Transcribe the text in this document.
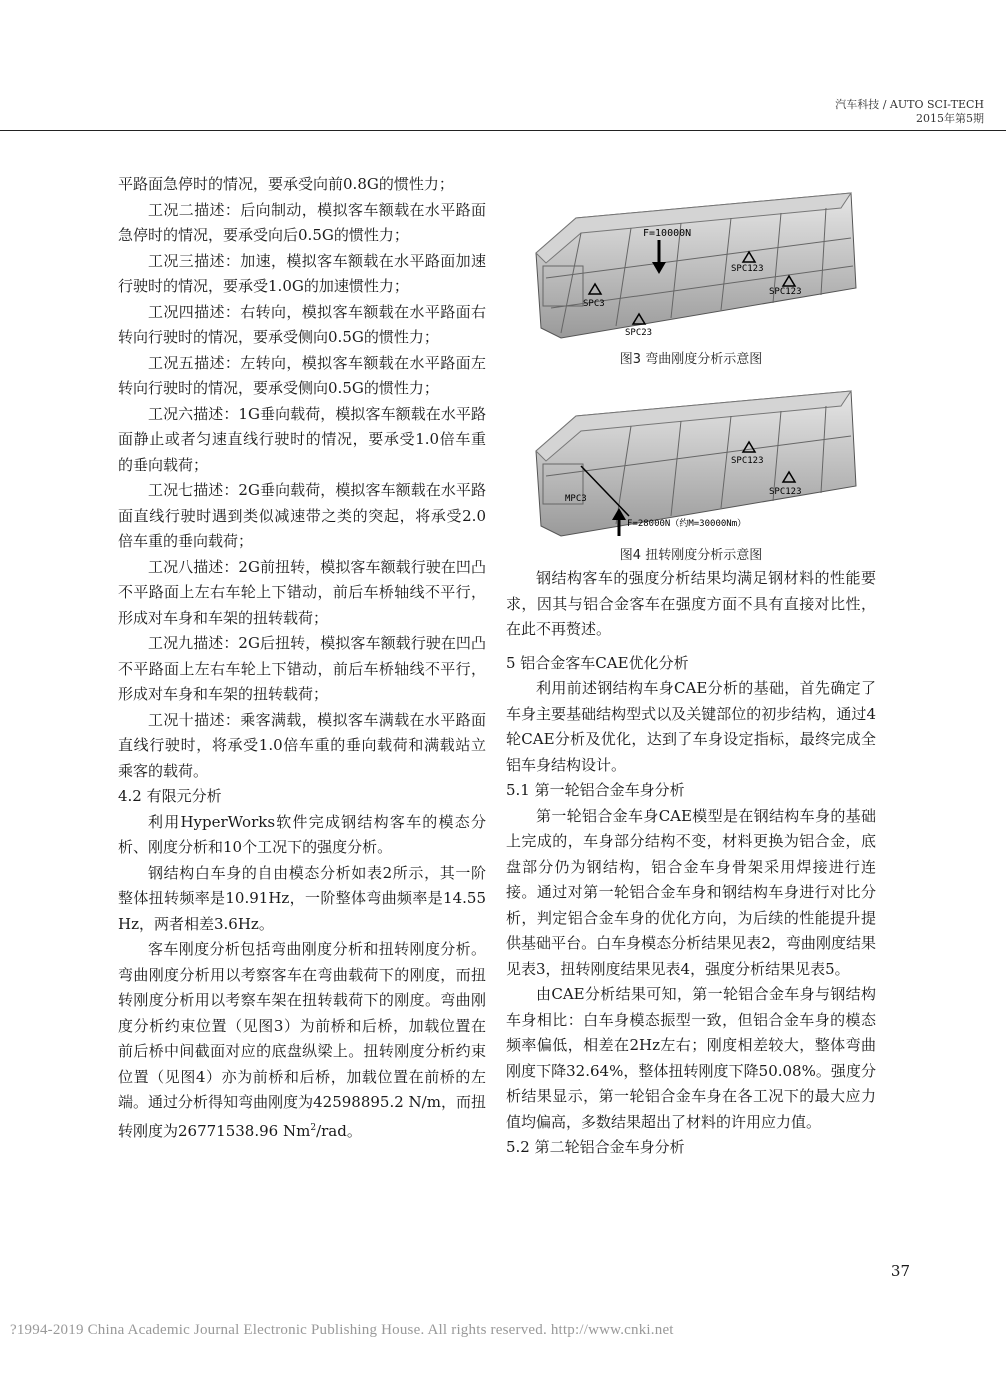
汽车科技 / AUTO SCI-TECH
2015年第5期

平路面急停时的情况，要承受向前0.8G的惯性力；

工况二描述：后向制动，模拟客车额载在水平路面急停时的情况，要承受向后0.5G的惯性力；

工况三描述：加速，模拟客车额载在水平路面加速行驶时的情况，要承受1.0G的加速惯性力；

工况四描述：右转向，模拟客车额载在水平路面右转向行驶时的情况，要承受侧向0.5G的惯性力；

工况五描述：左转向，模拟客车额载在水平路面左转向行驶时的情况，要承受侧向0.5G的惯性力；

工况六描述：1G垂向载荷，模拟客车额载在水平路面静止或者匀速直线行驶时的情况，要承受1.0倍车重的垂向载荷；

工况七描述：2G垂向载荷，模拟客车额载在水平路面直线行驶时遇到类似减速带之类的突起，将承受2.0倍车重的垂向载荷；

工况八描述：2G前扭转，模拟客车额载行驶在凹凸不平路面上左右车轮上下错动，前后车桥轴线不平行，形成对车身和车架的扭转载荷；

工况九描述：2G后扭转，模拟客车额载行驶在凹凸不平路面上左右车轮上下错动，前后车桥轴线不平行，形成对车身和车架的扭转载荷；

工况十描述：乘客满载，模拟客车满载在水平路面直线行驶时，将承受1.0倍车重的垂向载荷和满载站立乘客的载荷。

4.2 有限元分析

利用HyperWorks软件完成钢结构客车的模态分析、刚度分析和10个工况下的强度分析。

钢结构白车身的自由模态分析如表2所示，其一阶整体扭转频率是10.91Hz，一阶整体弯曲频率是14.55 Hz，两者相差3.6Hz。

客车刚度分析包括弯曲刚度分析和扭转刚度分析。弯曲刚度分析用以考察客车在弯曲载荷下的刚度，而扭转刚度分析用以考察车架在扭转载荷下的刚度。弯曲刚度分析约束位置（见图3）为前桥和后桥，加载位置在前后桥中间截面对应的底盘纵梁上。扭转刚度分析约束位置（见图4）亦为前桥和后桥，加载位置在前桥的左端。通过分析得知弯曲刚度为42598895.2 N/m，而扭转刚度为26771538.96 Nm$^2$/rad。

F=10000N
SPC123
SPC123
SPC3
SPC23
图3 弯曲刚度分析示意图
SPC123
SPC123
MPC3
F=28000N（约M=30000Nm）
图4 扭转刚度分析示意图

钢结构客车的强度分析结果均满足钢材料的性能要求，因其与铝合金客车在强度方面不具有直接对比性，在此不再赘述。

5 铝合金客车CAE优化分析

利用前述钢结构车身CAE分析的基础，首先确定了车身主要基础结构型式以及关键部位的初步结构，通过4轮CAE分析及优化，达到了车身设定指标，最终完成全铝车身结构设计。

5.1 第一轮铝合金车身分析

第一轮铝合金车身CAE模型是在钢结构车身的基础上完成的，车身部分结构不变，材料更换为铝合金，底盘部分仍为钢结构，铝合金车身骨架采用焊接进行连接。通过对第一轮铝合金车身和钢结构车身进行对比分析，判定铝合金车身的优化方向，为后续的性能提升提供基础平台。白车身模态分析结果见表2，弯曲刚度结果见表3，扭转刚度结果见表4，强度分析结果见表5。

由CAE分析结果可知，第一轮铝合金车身与钢结构车身相比：白车身模态振型一致，但铝合金车身的模态频率偏低，相差在2Hz左右；刚度相差较大，整体弯曲刚度下降32.64%，整体扭转刚度下降50.08%。强度分析结果显示，第一轮铝合金车身在各工况下的最大应力值均偏高，多数结果超出了材料的许用应力值。

5.2 第二轮铝合金车身分析

37
?1994-2019 China Academic Journal Electronic Publishing House. All rights reserved. http://www.cnki.net
